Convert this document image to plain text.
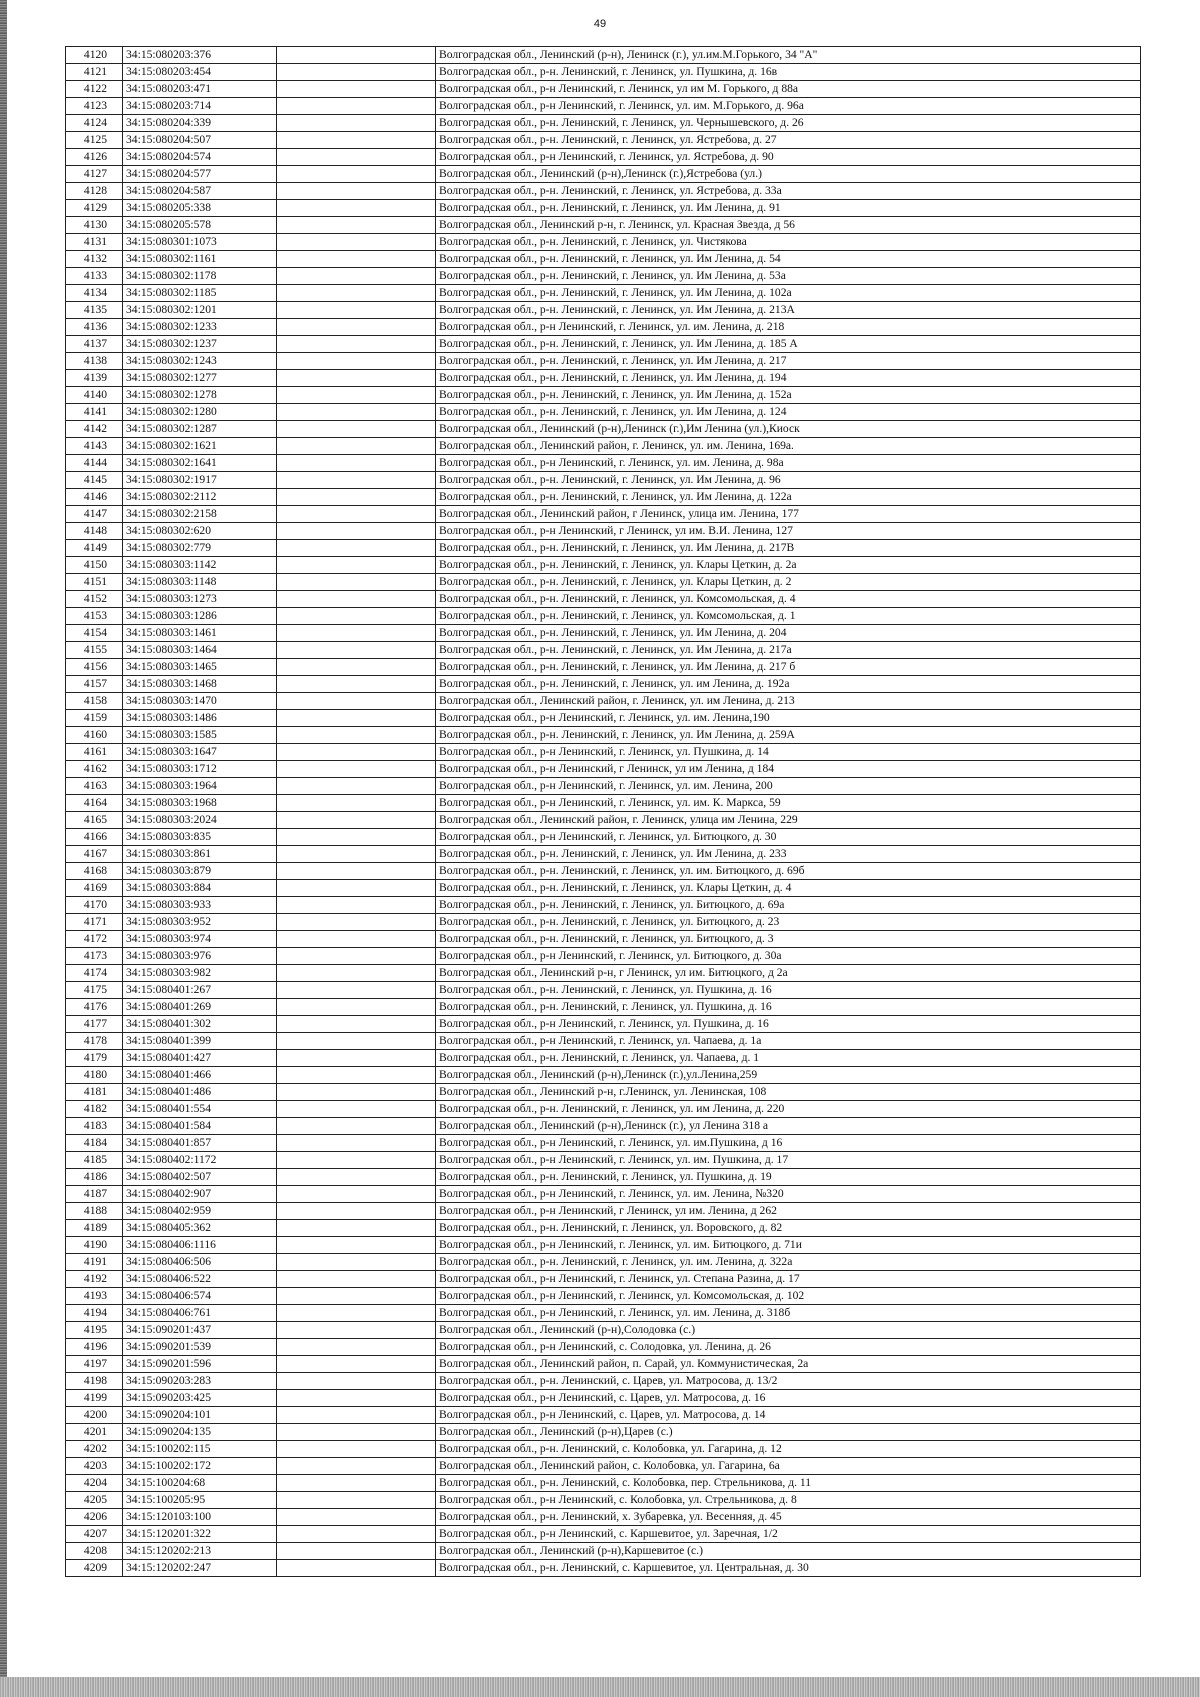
49
4120	34:15:080203:376		Волгоградская обл., Ленинский (р-н), Ленинск (г.), ул.им.М.Горького, 34 "А"
4121	34:15:080203:454		Волгоградская обл., р-н. Ленинский, г. Ленинск, ул. Пушкина, д. 16в
4122	34:15:080203:471		Волгоградская обл., р-н Ленинский, г. Ленинск, ул им М. Горького, д 88а
4123	34:15:080203:714		Волгоградская обл., р-н Ленинский, г. Ленинск, ул. им. М.Горького, д. 96а
4124	34:15:080204:339		Волгоградская обл., р-н. Ленинский, г. Ленинск, ул. Чернышевского, д. 26
4125	34:15:080204:507		Волгоградская обл., р-н. Ленинский, г. Ленинск, ул. Ястребова, д. 27
4126	34:15:080204:574		Волгоградская обл., р-н Ленинский, г. Ленинск, ул. Ястребова, д. 90
4127	34:15:080204:577		Волгоградская обл., Ленинский (р-н),Ленинск (г.),Ястребова (ул.)
4128	34:15:080204:587		Волгоградская обл., р-н. Ленинский, г. Ленинск, ул. Ястребова, д. 33а
4129	34:15:080205:338		Волгоградская обл., р-н. Ленинский, г. Ленинск, ул. Им Ленина, д. 91
4130	34:15:080205:578		Волгоградская обл., Ленинский р-н, г. Ленинск, ул. Красная Звезда, д 56
4131	34:15:080301:1073		Волгоградская обл., р-н. Ленинский, г. Ленинск, ул. Чистякова
4132	34:15:080302:1161		Волгоградская обл., р-н. Ленинский, г. Ленинск, ул. Им Ленина, д. 54
4133	34:15:080302:1178		Волгоградская обл., р-н. Ленинский, г. Ленинск, ул. Им Ленина, д. 53а
4134	34:15:080302:1185		Волгоградская обл., р-н. Ленинский, г. Ленинск, ул. Им Ленина, д. 102а
4135	34:15:080302:1201		Волгоградская обл., р-н. Ленинский, г. Ленинск, ул. Им Ленина, д. 213А
4136	34:15:080302:1233		Волгоградская обл., р-н Ленинский, г. Ленинск, ул. им. Ленина, д. 218
4137	34:15:080302:1237		Волгоградская обл., р-н. Ленинский, г. Ленинск, ул. Им Ленина, д. 185 А
4138	34:15:080302:1243		Волгоградская обл., р-н. Ленинский, г. Ленинск, ул. Им Ленина, д. 217
4139	34:15:080302:1277		Волгоградская обл., р-н. Ленинский, г. Ленинск, ул. Им Ленина, д. 194
4140	34:15:080302:1278		Волгоградская обл., р-н. Ленинский, г. Ленинск, ул. Им Ленина, д. 152а
4141	34:15:080302:1280		Волгоградская обл., р-н. Ленинский, г. Ленинск, ул. Им Ленина, д. 124
4142	34:15:080302:1287		Волгоградская обл., Ленинский (р-н),Ленинск (г.),Им Ленина (ул.),Киоск
4143	34:15:080302:1621		Волгоградская обл., Ленинский район, г. Ленинск, ул. им. Ленина, 169а.
4144	34:15:080302:1641		Волгоградская обл., р-н Ленинский, г. Ленинск, ул. им. Ленина, д. 98а
4145	34:15:080302:1917		Волгоградская обл., р-н. Ленинский, г. Ленинск, ул. Им Ленина, д. 96
4146	34:15:080302:2112		Волгоградская обл., р-н. Ленинский, г. Ленинск, ул. Им Ленина, д. 122а
4147	34:15:080302:2158		Волгоградская обл., Ленинский район, г Ленинск, улица им. Ленина, 177
4148	34:15:080302:620		Волгоградская обл., р-н Ленинский, г Ленинск, ул им. В.И. Ленина, 127
4149	34:15:080302:779		Волгоградская обл., р-н. Ленинский, г. Ленинск, ул. Им Ленина, д. 217В
4150	34:15:080303:1142		Волгоградская обл., р-н. Ленинский, г. Ленинск, ул. Клары Цеткин, д. 2а
4151	34:15:080303:1148		Волгоградская обл., р-н. Ленинский, г. Ленинск, ул. Клары Цеткин, д. 2
4152	34:15:080303:1273		Волгоградская обл., р-н. Ленинский, г. Ленинск, ул. Комсомольская, д. 4
4153	34:15:080303:1286		Волгоградская обл., р-н. Ленинский, г. Ленинск, ул. Комсомольская, д. 1
4154	34:15:080303:1461		Волгоградская обл., р-н. Ленинский, г. Ленинск, ул. Им Ленина, д. 204
4155	34:15:080303:1464		Волгоградская обл., р-н. Ленинский, г. Ленинск, ул. Им Ленина, д. 217а
4156	34:15:080303:1465		Волгоградская обл., р-н. Ленинский, г. Ленинск, ул. Им Ленина, д. 217 б
4157	34:15:080303:1468		Волгоградская обл., р-н. Ленинский, г. Ленинск, ул. им Ленина, д. 192а
4158	34:15:080303:1470		Волгоградская обл., Ленинский район, г. Ленинск, ул. им Ленина, д. 213
4159	34:15:080303:1486		Волгоградская обл., р-н Ленинский, г. Ленинск, ул. им. Ленина,190
4160	34:15:080303:1585		Волгоградская обл., р-н. Ленинский, г. Ленинск, ул. Им Ленина, д. 259А
4161	34:15:080303:1647		Волгоградская обл., р-н Ленинский, г. Ленинск, ул. Пушкина, д. 14
4162	34:15:080303:1712		Волгоградская обл., р-н Ленинский, г Ленинск, ул им Ленина, д 184
4163	34:15:080303:1964		Волгоградская обл., р-н Ленинский, г. Ленинск, ул. им. Ленина, 200
4164	34:15:080303:1968		Волгоградская обл., р-н Ленинский, г. Ленинск, ул. им. К. Маркса, 59
4165	34:15:080303:2024		Волгоградская обл., Ленинский район, г. Ленинск, улица им Ленина, 229
4166	34:15:080303:835		Волгоградская обл., р-н Ленинский, г. Ленинск, ул. Битюцкого, д. 30
4167	34:15:080303:861		Волгоградская обл., р-н. Ленинский, г. Ленинск, ул. Им Ленина, д. 233
4168	34:15:080303:879		Волгоградская обл., р-н. Ленинский, г. Ленинск, ул. им. Битюцкого, д. 69б
4169	34:15:080303:884		Волгоградская обл., р-н. Ленинский, г. Ленинск, ул. Клары Цеткин, д. 4
4170	34:15:080303:933		Волгоградская обл., р-н. Ленинский, г. Ленинск, ул. Битюцкого, д. 69а
4171	34:15:080303:952		Волгоградская обл., р-н. Ленинский, г. Ленинск, ул. Битюцкого, д. 23
4172	34:15:080303:974		Волгоградская обл., р-н. Ленинский, г. Ленинск, ул. Битюцкого, д. 3
4173	34:15:080303:976		Волгоградская обл., р-н Ленинский, г. Ленинск, ул. Битюцкого, д. 30а
4174	34:15:080303:982		Волгоградская обл., Ленинский р-н, г Ленинск, ул им. Битюцкого, д 2а
4175	34:15:080401:267		Волгоградская обл., р-н. Ленинский, г. Ленинск, ул. Пушкина, д. 16
4176	34:15:080401:269		Волгоградская обл., р-н. Ленинский, г. Ленинск, ул. Пушкина, д. 16
4177	34:15:080401:302		Волгоградская обл., р-н Ленинский, г. Ленинск, ул. Пушкина, д. 16
4178	34:15:080401:399		Волгоградская обл., р-н Ленинский, г. Ленинск, ул. Чапаева, д. 1а
4179	34:15:080401:427		Волгоградская обл., р-н. Ленинский, г. Ленинск, ул. Чапаева, д. 1
4180	34:15:080401:466		Волгоградская обл., Ленинский (р-н),Ленинск (г.),ул.Ленина,259
4181	34:15:080401:486		Волгоградская обл., Ленинский р-н, г.Ленинск, ул. Ленинская, 108
4182	34:15:080401:554		Волгоградская обл., р-н. Ленинский, г. Ленинск, ул. им Ленина, д. 220
4183	34:15:080401:584		Волгоградская обл., Ленинский (р-н),Ленинск (г.), ул Ленина 318 а
4184	34:15:080401:857		Волгоградская обл., р-н Ленинский, г. Ленинск, ул. им.Пушкина, д 16
4185	34:15:080402:1172		Волгоградская обл., р-н Ленинский, г. Ленинск, ул. им. Пушкина, д. 17
4186	34:15:080402:507		Волгоградская обл., р-н. Ленинский, г. Ленинск, ул. Пушкина, д. 19
4187	34:15:080402:907		Волгоградская обл., р-н Ленинский, г. Ленинск, ул. им. Ленина, №320
4188	34:15:080402:959		Волгоградская обл., р-н Ленинский, г Ленинск, ул им. Ленина, д 262
4189	34:15:080405:362		Волгоградская обл., р-н. Ленинский, г. Ленинск, ул. Воровского, д. 82
4190	34:15:080406:1116		Волгоградская обл., р-н Ленинский, г. Ленинск, ул. им. Битюцкого, д. 71и
4191	34:15:080406:506		Волгоградская обл., р-н. Ленинский, г. Ленинск, ул. им. Ленина, д. 322а
4192	34:15:080406:522		Волгоградская обл., р-н Ленинский, г. Ленинск, ул. Степана Разина, д. 17
4193	34:15:080406:574		Волгоградская обл., р-н Ленинский, г. Ленинск, ул. Комсомольская, д. 102
4194	34:15:080406:761		Волгоградская обл., р-н Ленинский, г. Ленинск, ул. им. Ленина, д. 318б
4195	34:15:090201:437		Волгоградская обл., Ленинский (р-н),Солодовка (с.)
4196	34:15:090201:539		Волгоградская обл., р-н Ленинский, с. Солодовка, ул. Ленина, д. 26
4197	34:15:090201:596		Волгоградская обл., Ленинский район, п. Сарай, ул. Коммунистическая, 2а
4198	34:15:090203:283		Волгоградская обл., р-н. Ленинский, с. Царев, ул. Матросова, д. 13/2
4199	34:15:090203:425		Волгоградская обл., р-н Ленинский, с. Царев, ул. Матросова, д. 16
4200	34:15:090204:101		Волгоградская обл., р-н Ленинский, с. Царев, ул. Матросова, д. 14
4201	34:15:090204:135		Волгоградская обл., Ленинский (р-н),Царев (с.)
4202	34:15:100202:115		Волгоградская обл., р-н. Ленинский, с. Колобовка, ул. Гагарина, д. 12
4203	34:15:100202:172		Волгоградская обл., Ленинский район, с. Колобовка, ул. Гагарина, 6а
4204	34:15:100204:68		Волгоградская обл., р-н. Ленинский, с. Колобовка, пер. Стрельникова, д. 11
4205	34:15:100205:95		Волгоградская обл., р-н Ленинский, с. Колобовка, ул. Стрельникова, д. 8
4206	34:15:120103:100		Волгоградская обл., р-н. Ленинский, х. Зубаревка, ул. Весенняя, д. 45
4207	34:15:120201:322		Волгоградская обл., р-н Ленинский, с. Каршевитое, ул. Заречная, 1/2
4208	34:15:120202:213		Волгоградская обл., Ленинский (р-н),Каршевитое (с.)
4209	34:15:120202:247		Волгоградская обл., р-н. Ленинский, с. Каршевитое, ул. Центральная, д. 30
